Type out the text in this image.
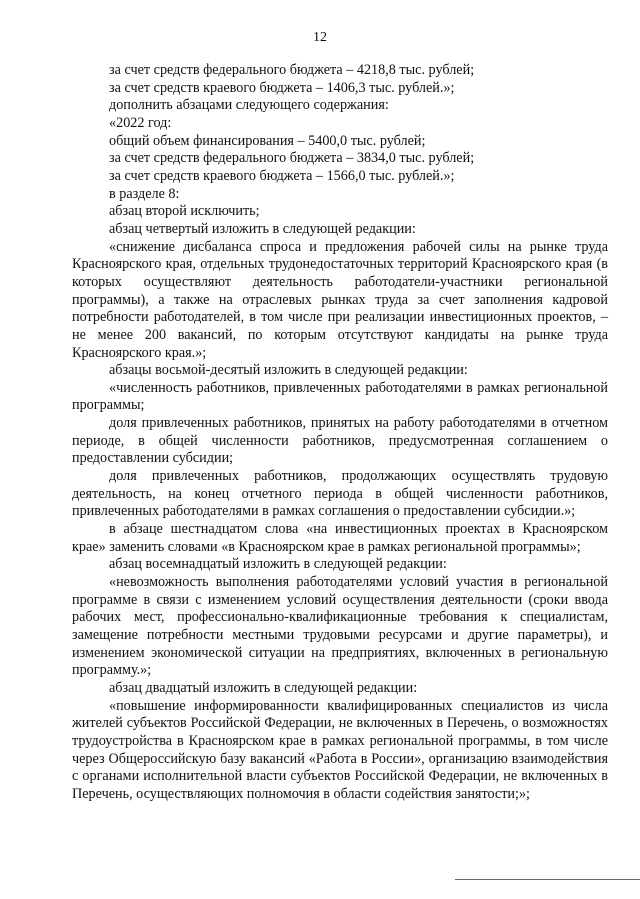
12

за счет средств федерального бюджета – 4218,8 тыс. рублей;

за счет средств краевого бюджета – 1406,3 тыс. рублей.»;

дополнить абзацами следующего содержания:

«2022 год:

общий объем финансирования – 5400,0 тыс. рублей;

за счет средств федерального бюджета – 3834,0 тыс. рублей;

за счет средств краевого бюджета – 1566,0 тыс. рублей.»;

в разделе 8:

абзац второй исключить;

абзац четвертый изложить в следующей редакции:

«снижение дисбаланса спроса и предложения рабочей силы на рынке труда Красноярского края, отдельных трудонедостаточных территорий Красноярского края (в которых осуществляют деятельность работодатели-участники региональной программы), а также на отраслевых рынках труда за счет заполнения кадровой потребности работодателей, в том числе при реализации инвестиционных проектов, – не менее 200 вакансий, по которым отсутствуют кандидаты на рынке труда Красноярского края.»;

абзацы восьмой-десятый изложить в следующей редакции:

«численность работников, привлеченных работодателями в рамках региональной программы;

доля привлеченных работников, принятых на работу работодателями в отчетном периоде, в общей численности работников, предусмотренная соглашением о предоставлении субсидии;

доля привлеченных работников, продолжающих осуществлять трудовую деятельность, на конец отчетного периода в общей численности работников, привлеченных работодателями в рамках соглашения о предоставлении субсидии.»;

в абзаце шестнадцатом слова «на инвестиционных проектах в Красноярском крае» заменить словами «в Красноярском крае в рамках региональной программы»;

абзац восемнадцатый изложить в следующей редакции:

«невозможность выполнения работодателями условий участия в региональной программе в связи с изменением условий осуществления деятельности (сроки ввода рабочих мест, профессионально-квалификационные требования к специалистам, замещение потребности местными трудовыми ресурсами и другие параметры), и изменением экономической ситуации на предприятиях, включенных в региональную программу.»;

абзац двадцатый изложить в следующей редакции:

«повышение информированности квалифицированных специалистов из числа жителей субъектов Российской Федерации, не включенных в Перечень, о возможностях трудоустройства в Красноярском крае в рамках региональной программы, в том числе через Общероссийскую базу вакансий «Работа в России», организацию взаимодействия с органами исполнительной власти субъектов Российской Федерации, не включенных в Перечень, осуществляющих полномочия в области содействия занятости;»;
